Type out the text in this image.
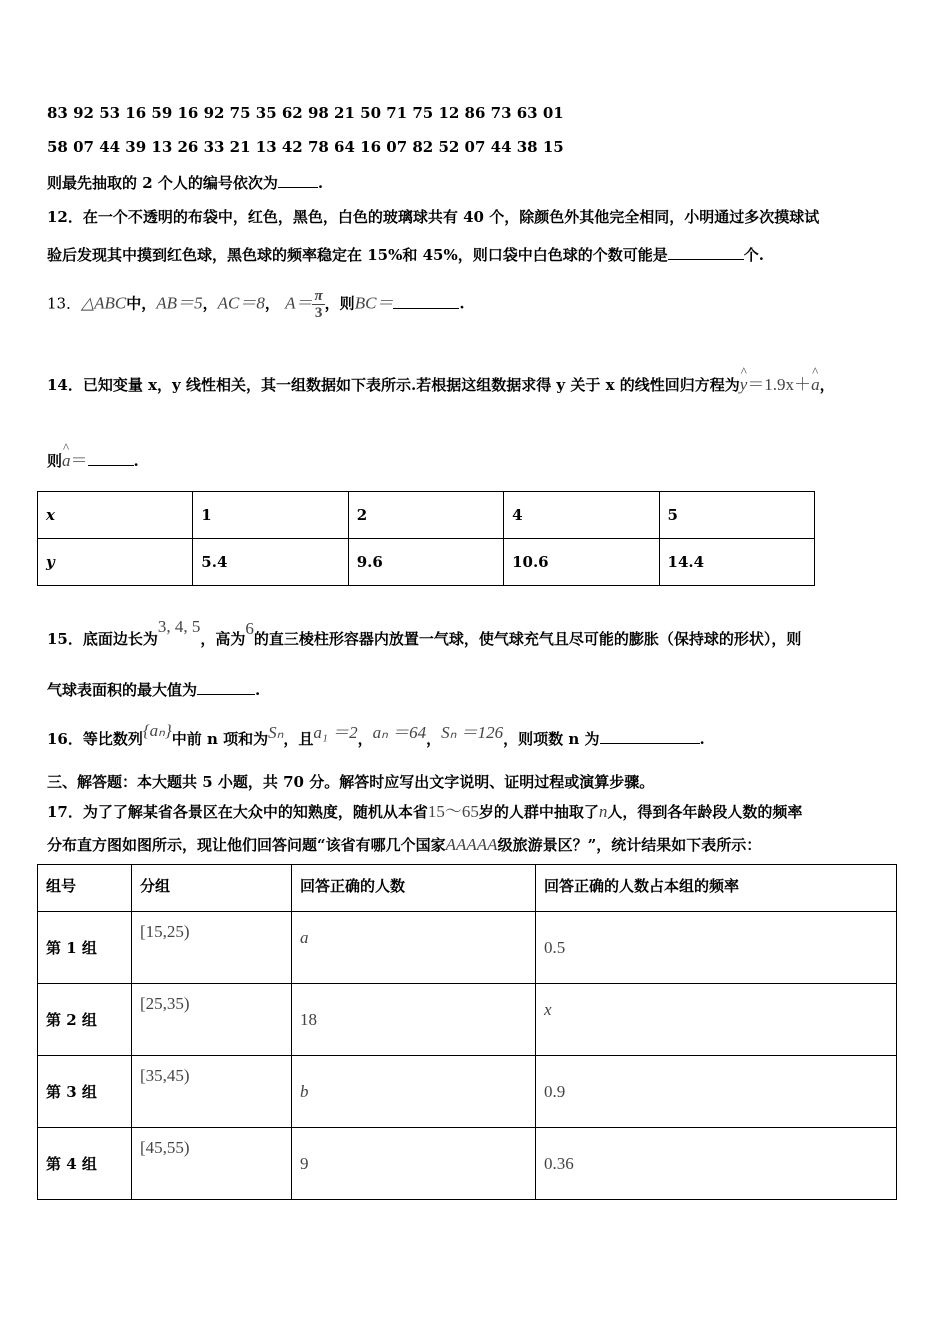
83 92 53 16 59 16 92 75 35 62 98 21 50 71 75 12 86 73 63 01
58 07 44 39 13 26 33 21 13 42 78 64 16 07 82 52 07 44 38 15
则最先抽取的 2 个人的编号依次为	.
12．在一个不透明的布袋中，红色，黑色，白色的玻璃球共有 40 个，除颜色外其他完全相同，小明通过多次摸球试
验后发现其中摸到红色球，黑色球的频率稳定在 15%和 45%，则口袋中白色球的个数可能是	个.
13．△ABC中，AB＝5，AC＝8， $A= \frac{\pi}{3}$ ，则BC＝	.
14．已知变量 x，y 线性相关，其一组数据如下表所示.若根据这组数据求得 y 关于 x 的线性回归方程为^ y＝1.9x＋^ a，
则^ a＝	.
x	1	2	4	5
y	5.4	9.6	10.6	14.4
15．底面边长为3, 4, 5，高为6的直三棱柱形容器内放置一气球，使气球充气且尽可能的膨胀（保持球的形状），则
气球表面积的最大值为	.
16．等比数列{aₙ}中前 n 项和为Sₙ，且a₁ ＝2，aₙ ＝64，Sₙ ＝126，则项数 n 为	.
三、解答题：本大题共 5 小题，共 70 分。解答时应写出文字说明、证明过程或演算步骤。
17．为了了解某省各景区在大众中的知熟度，随机从本省15～65岁的人群中抽取了n人，得到各年龄段人数的频率
分布直方图如图所示，现让他们回答问题“该省有哪几个国家AAAAA级旅游景区？”，统计结果如下表所示：
组号	分组	回答正确的人数	回答正确的人数占本组的频率
第 1 组	[15,25)	a	0.5
第 2 组	[25,35)	18	x
第 3 组	[35,45)	b	0.9
第 4 组	[45,55)	9	0.36
